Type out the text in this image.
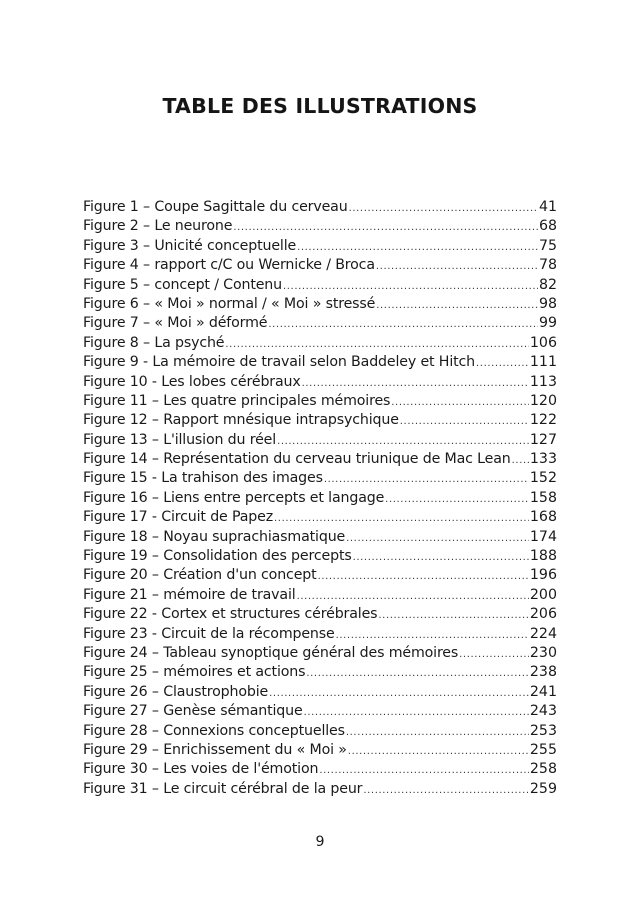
TABLE DES ILLUSTRATIONS
Figure 1 – Coupe Sagittale du cerveau .....	41
Figure 2 – Le neurone .....	68
Figure 3 – Unicité conceptuelle .....	75
Figure 4 – rapport c/C ou Wernicke / Broca .....	78
Figure 5 – concept / Contenu .....	82
Figure 6 – « Moi » normal / « Moi » stressé .....	98
Figure 7 – « Moi » déformé .....	99
Figure 8 – La psyché .....	106
Figure 9 - La mémoire de travail selon Baddeley et Hitch .....	111
Figure 10 - Les lobes cérébraux .....	113
Figure 11 – Les quatre principales mémoires .....	120
Figure 12 – Rapport mnésique intrapsychique .....	122
Figure 13 – L'illusion du réel .....	127
Figure 14 – Représentation du cerveau triunique de Mac Lean ..... 133
Figure 15 - La trahison des images .....	152
Figure 16 – Liens entre percepts et langage .....	158
Figure 17 - Circuit de Papez .....	168
Figure 18 – Noyau suprachiasmatique .....	174
Figure 19 – Consolidation des percepts .....	188
Figure 20 – Création d'un concept .....	196
Figure 21 – mémoire de travail .....	200
Figure 22 - Cortex et structures cérébrales .....	206
Figure 23 - Circuit de la récompense .....	224
Figure 24 – Tableau synoptique général des mémoires .....	230
Figure 25 – mémoires et actions .....	238
Figure 26 – Claustrophobie .....	241
Figure 27 – Genèse sémantique .....	243
Figure 28 – Connexions conceptuelles .....	253
Figure 29 – Enrichissement du « Moi » .....	255
Figure 30 – Les voies de l'émotion .....	258
Figure 31 – Le circuit cérébral de la peur .....	259
9
